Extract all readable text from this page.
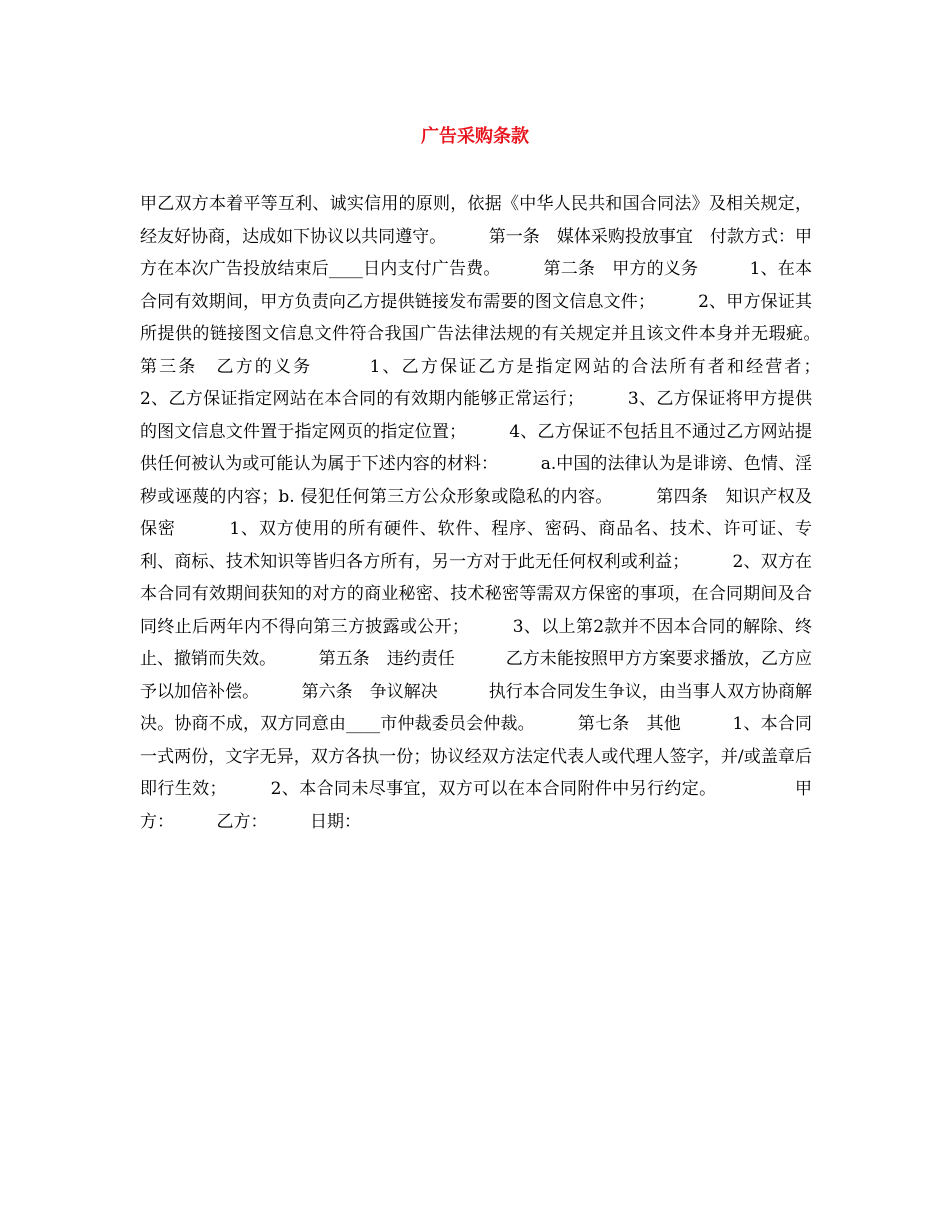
广告采购条款

甲乙双方本着平等互利、诚实信用的原则，依据《中华人民共和国合同法》及相关规定，经友好协商，达成如下协议以共同遵守。　　　第一条　媒体采购投放事宜　付款方式：甲方在本次广告投放结束后____日内支付广告费。　　　第二条　甲方的义务　　　1、在本合同有效期间，甲方负责向乙方提供链接发布需要的图文信息文件；　　　2、甲方保证其所提供的链接图文信息文件符合我国广告法律法规的有关规定并且该文件本身并无瑕疵。　　　第三条　乙方的义务　　　1、乙方保证乙方是指定网站的合法所有者和经营者；　　　2、乙方保证指定网站在本合同的有效期内能够正常运行；　　　3、乙方保证将甲方提供的图文信息文件置于指定网页的指定位置；　　　4、乙方保证不包括且不通过乙方网站提供任何被认为或可能认为属于下述内容的材料：　　　a.中国的法律认为是诽谤、色情、淫秽或诬蔑的内容；b. 侵犯任何第三方公众形象或隐私的内容。　　　第四条　知识产权及保密　　　1、双方使用的所有硬件、软件、程序、密码、商品名、技术、许可证、专利、商标、技术知识等皆归各方所有，另一方对于此无任何权利或利益；　　　2、双方在本合同有效期间获知的对方的商业秘密、技术秘密等需双方保密的事项，在合同期间及合同终止后两年内不得向第三方披露或公开；　　　3、以上第2款并不因本合同的解除、终止、撤销而失效。　　　第五条　违约责任　　　乙方未能按照甲方方案要求播放，乙方应予以加倍补偿。　　　第六条　争议解决　　　执行本合同发生争议，由当事人双方协商解决。协商不成，双方同意由____市仲裁委员会仲裁。　　　第七条　其他　　　1、本合同一式两份，文字无异，双方各执一份；协议经双方法定代表人或代理人签字，并/或盖章后即行生效；　　　2、本合同未尽事宜，双方可以在本合同附件中另行约定。　　　　　甲方：　　　乙方：　　　日期：
